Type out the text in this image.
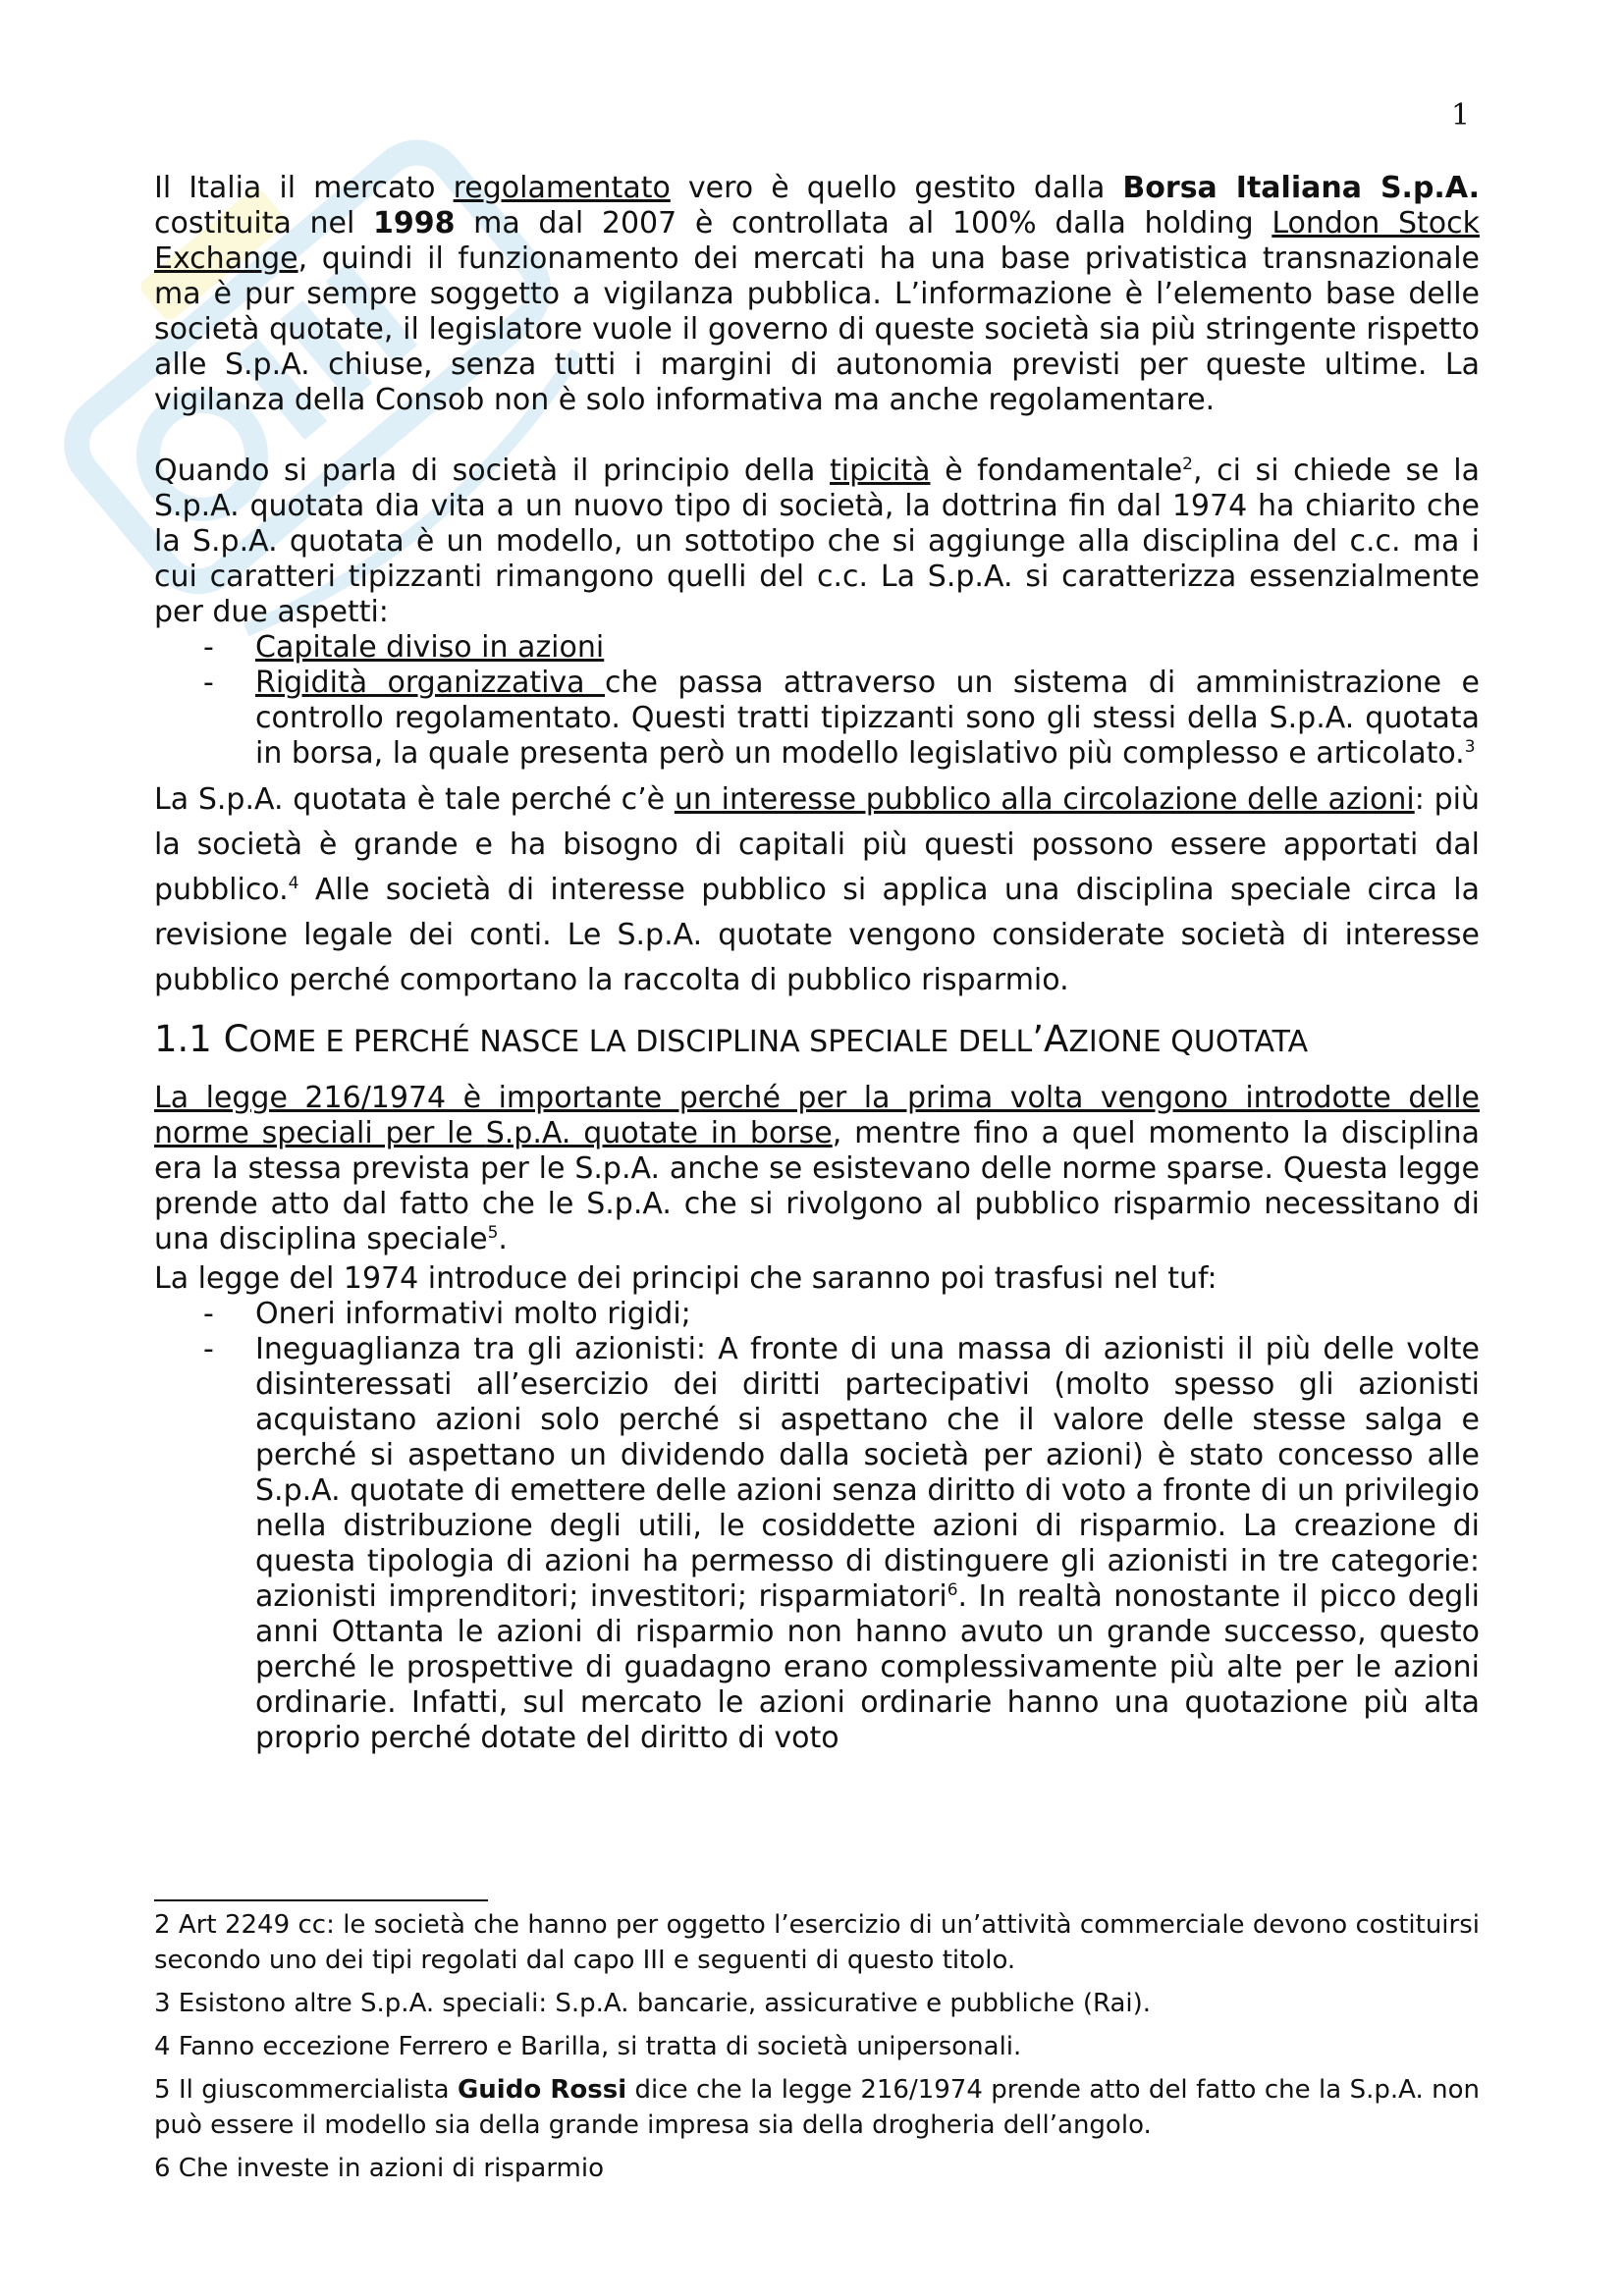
1

Il Italia il mercato regolamentato vero è quello gestito dalla Borsa Italiana S.p.A. costituita nel 1998 ma dal 2007 è controllata al 100% dalla holding London Stock Exchange, quindi il funzionamento dei mercati ha una base privatistica transnazionale ma è pur sempre soggetto a vigilanza pubblica. L’informazione è l’elemento base delle società quotate, il legislatore vuole il governo di queste società sia più stringente rispetto alle S.p.A. chiuse, senza tutti i margini di autonomia previsti per queste ultime. La vigilanza della Consob non è solo informativa ma anche regolamentare.

Quando si parla di società il principio della tipicità è fondamentale$^2$, ci si chiede se la S.p.A. quotata dia vita a un nuovo tipo di società, la dottrina fin dal 1974 ha chiarito che la S.p.A. quotata è un modello, un sottotipo che si aggiunge alla disciplina del c.c. ma i cui caratteri tipizzanti rimangono quelli del c.c. La S.p.A. si caratterizza essenzialmente per due aspetti:

- Capitale diviso in azioni
- Rigidità organizzativa che passa attraverso un sistema di amministrazione e controllo regolamentato. Questi tratti tipizzanti sono gli stessi della S.p.A. quotata in borsa, la quale presenta però un modello legislativo più complesso e articolato.$^3$

La S.p.A. quotata è tale perché c’è un interesse pubblico alla circolazione delle azioni: più la società è grande e ha bisogno di capitali più questi possono essere apportati dal pubblico.$^4$ Alle società di interesse pubblico si applica una disciplina speciale circa la revisione legale dei conti. Le S.p.A. quotate vengono considerate società di interesse pubblico perché comportano la raccolta di pubblico risparmio.

1.1 COME E PERCHÉ NASCE LA DISCIPLINA SPECIALE DELL’AZIONE QUOTATA

La legge 216/1974 è importante perché per la prima volta vengono introdotte delle norme speciali per le S.p.A. quotate in borse, mentre fino a quel momento la disciplina era la stessa prevista per le S.p.A. anche se esistevano delle norme sparse. Questa legge prende atto dal fatto che le S.p.A. che si rivolgono al pubblico risparmio necessitano di una disciplina speciale$^5$.

La legge del 1974 introduce dei principi che saranno poi trasfusi nel tuf:

- Oneri informativi molto rigidi;
- Ineguaglianza tra gli azionisti: A fronte di una massa di azionisti il più delle volte disinteressati all’esercizio dei diritti partecipativi (molto spesso gli azionisti acquistano azioni solo perché si aspettano che il valore delle stesse salga e perché si aspettano un dividendo dalla società per azioni) è stato concesso alle S.p.A. quotate di emettere delle azioni senza diritto di voto a fronte di un privilegio nella distribuzione degli utili, le cosiddette azioni di risparmio. La creazione di questa tipologia di azioni ha permesso di distinguere gli azionisti in tre categorie: azionisti imprenditori; investitori; risparmiatori$^6$. In realtà nonostante il picco degli anni Ottanta le azioni di risparmio non hanno avuto un grande successo, questo perché le prospettive di guadagno erano complessivamente più alte per le azioni ordinarie. Infatti, sul mercato le azioni ordinarie hanno una quotazione più alta proprio perché dotate del diritto di voto

2 Art 2249 cc: le società che hanno per oggetto l’esercizio di un’attività commerciale devono costituirsi secondo uno dei tipi regolati dal capo III e seguenti di questo titolo.

3 Esistono altre S.p.A. speciali: S.p.A. bancarie, assicurative e pubbliche (Rai).

4 Fanno eccezione Ferrero e Barilla, si tratta di società unipersonali.

5 Il giuscommercialista Guido Rossi dice che la legge 216/1974 prende atto del fatto che la S.p.A. non può essere il modello sia della grande impresa sia della drogheria dell’angolo.

6 Che investe in azioni di risparmio
